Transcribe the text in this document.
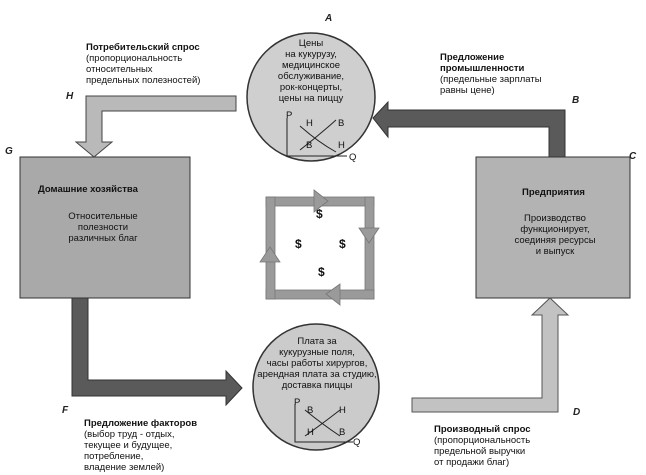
A
B
C
D
F
G
H
Цены
на кукурузу,
медицинское
обслуживание,
рок-концерты,
цены на пиццу
P
Q
Н	В
В	Н
Плата за
кукурузные поля,
часы работы хирургов,
арендная плата за студию,
доставка пиццы
P
Q
В	Н
Н	В
Домашние хозяйства
Относительные
полезности
различных благ
Предприятия
Производство
функционирует,
соединяя ресурсы
и выпуск
Потребительский спрос
(пропорциональность
относительных
предельных полезностей)
Предложение
промышленности
(предельные зарплаты
равны цене)
Предложение факторов
(выбор труд - отдых,
текущее и будущее,
потребление,
владение землей)
Производный спрос
(пропорциональность
предельной выручки
от продажи благ)
$
$	$
$
